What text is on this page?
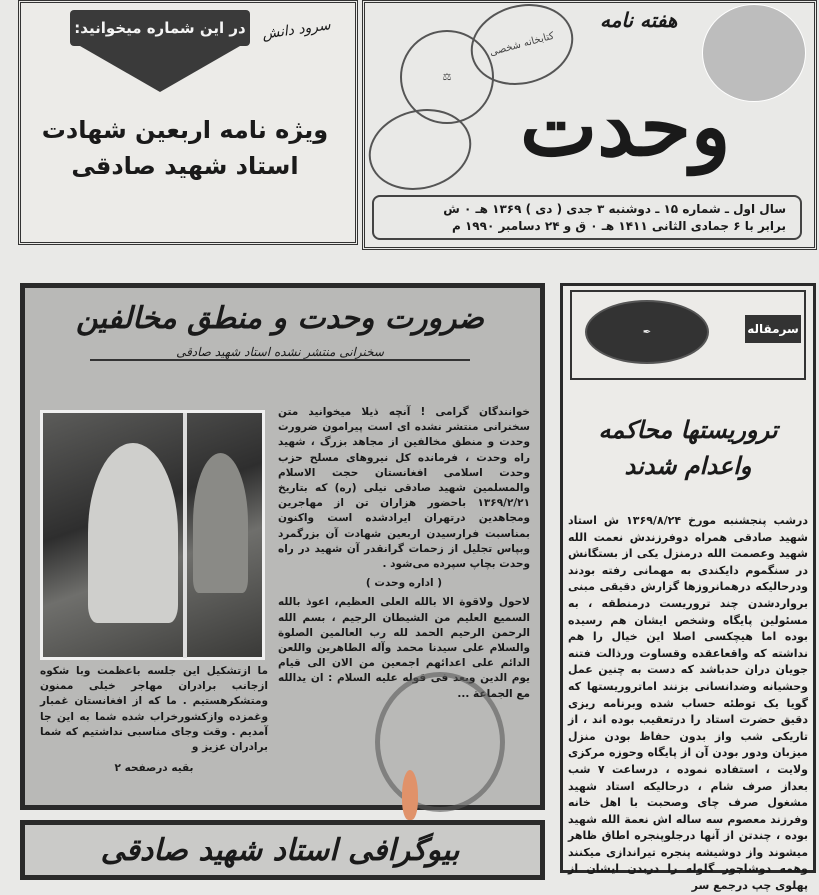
در این شماره میخوانید:	سرود دانش
ویژه نامه اربعین شهادت
استاد شهید صادقی
کتابخانه شخصی
⚖
هفته نامه
وحدت
سال اول ـ شماره ۱۵ ـ دوشنبه ۳ جدی ( دی ) ۱۳۶۹ هـ ٠ ش
برابر با ۶ جمادی الثانی ۱۴۱۱ هـ ٠ ق و ۲۴ دسامبر ۱۹۹۰ م
ضرورت وحدت و منطق مخالفین
سخنرانی منتشر نشده استاد شهید صادقی
خوانندگان گرامی ! آنچه ذیلا میخوانید متن سخنرانی منتشر نشده ای است پیرامون ضرورت وحدت و منطق مخالفین از مجاهد بزرگ ، شهید راه وحدت ، فرمانده کل نیروهای مسلح حزب وحدت اسلامی افغانستان حجت الاسلام والمسلمین شهید صادقی نیلی (ره) که بتاریخ ۱۳۶۹/۲/۲۱ باحضور هزاران تن از مهاجرین ومجاهدین درتهران ایرادشده است واکنون بمناسبت فرارسیدن اربعین شهادت آن بزرگمرد وبپاس تجلیل از زحمات گرانقدر آن شهید در راه وحدت بچاپ سپرده می‌شود .
( اداره وحدت )
لاحول ولاقوة الا بالله العلی العظیم، اعوذ بالله السمیع العلیم من الشیطان الرجیم ، بسم الله الرحمن الرحیم الحمد لله رب العالمین الصلوة والسلام علی سیدنا محمد وآله الطاهرین واللعن الدائم علی اعدائهم اجمعین من الان الی قیام یوم الدین وبعد فی قوله علیه السلام : ان یدالله مع الجماعة ...
ما ازتشکیل این جلسه باعظمت وبا شکوه ازجانب برادران مهاجر خیلی ممنون ومتشکرهستیم . ما که از افغانستان غمبار وغمزده وازکشورخراب شده شما به این جا آمدیم . وقت وجای مناسبی نداشتیم که شما برادران عزیز و
بقیه درصفحه ۲
✒	سرمقاله
تروریستها محاکمه
واعدام شدند
درشب پنجشنبه مورخ ۱۳۶۹/۸/۲۴ ش استاد شهید صادقی همراه دوفرزندش نعمت الله شهید وعصمت الله درمنزل یکی از بستگانش در سنگموم دایکندی به مهمانی رفته بودند ودرحالیکه درهمانروزها گزارش دقیقی مبنی برواردشدن چند تروریست درمنطقه ، به مسئولین پایگاه وشخص ایشان هم رسیده بوده اما هیچکسی اصلا این خیال را هم نداشته که واقعاعقده وقساوت ورذالت فتنه جویان دران حدباشد که دست به چنین عمل وحشیانه وضدانسانی بزنند اماتروریستها که گویا یک توطئه حساب شده وبرنامه ریزی دقیق حضرت استاد را درتعقیب بوده اند ، از تاریکی شب واز بدون حفاظ بودن منزل میزبان ودور بودن آن از پایگاه وحوزه مرکزی ولایت ، استفاده نموده ، درساعت ۷ شب بعداز صرف شام ، درحالیکه استاد شهید مشغول صرف چای وصحبت با اهل خانه وفرزند معصوم سه ساله اش نعمة الله شهید بوده ، چندتن از آنها درجلوپنجره اطاق ظاهر میشوند واز دوشیشه پنجره تیراندازی میکنند وهمه دوشاجور گلوله را دربدن ایشان از پهلوی چپ درجمع سر
بیوگرافی استاد شهید صادقی
